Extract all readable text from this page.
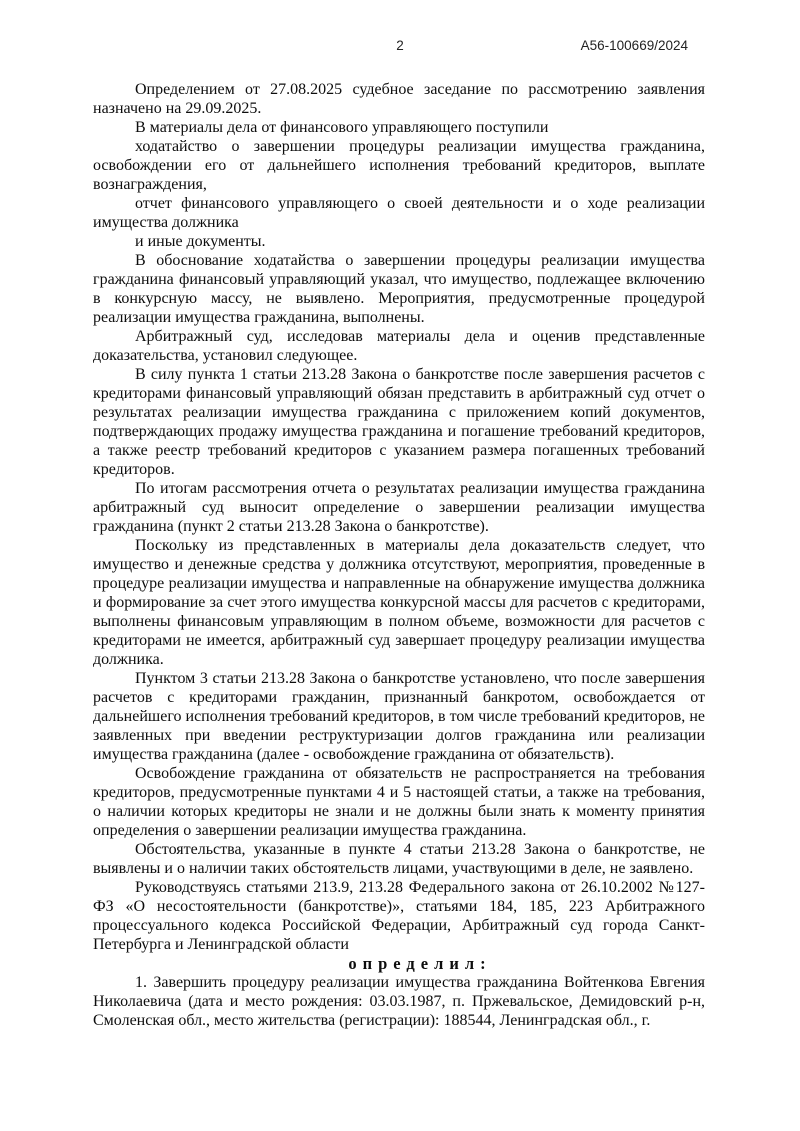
2	А56-100669/2024

Определением от 27.08.2025 судебное заседание по рассмотрению заявления назначено на 29.09.2025.

В материалы дела от финансового управляющего поступили

ходатайство о завершении процедуры реализации имущества гражданина, освобождении его от дальнейшего исполнения требований кредиторов, выплате вознаграждения,

отчет финансового управляющего о своей деятельности и о ходе реализации имущества должника

и иные документы.

В обоснование ходатайства о завершении процедуры реализации имущества гражданина финансовый управляющий указал, что имущество, подлежащее включению в конкурсную массу, не выявлено. Мероприятия, предусмотренные процедурой реализации имущества гражданина, выполнены.

Арбитражный суд, исследовав материалы дела и оценив представленные доказательства, установил следующее.

В силу пункта 1 статьи 213.28 Закона о банкротстве после завершения расчетов с кредиторами финансовый управляющий обязан представить в арбитражный суд отчет о результатах реализации имущества гражданина с приложением копий документов, подтверждающих продажу имущества гражданина и погашение требований кредиторов, а также реестр требований кредиторов с указанием размера погашенных требований кредиторов.

По итогам рассмотрения отчета о результатах реализации имущества гражданина арбитражный суд выносит определение о завершении реализации имущества гражданина (пункт 2 статьи 213.28 Закона о банкротстве).

Поскольку из представленных в материалы дела доказательств следует, что имущество и денежные средства у должника отсутствуют, мероприятия, проведенные в процедуре реализации имущества и направленные на обнаружение имущества должника и формирование за счет этого имущества конкурсной массы для расчетов с кредиторами, выполнены финансовым управляющим в полном объеме, возможности для расчетов с кредиторами не имеется, арбитражный суд завершает процедуру реализации имущества должника.

Пунктом 3 статьи 213.28 Закона о банкротстве установлено, что после завершения расчетов с кредиторами гражданин, признанный банкротом, освобождается от дальнейшего исполнения требований кредиторов, в том числе требований кредиторов, не заявленных при введении реструктуризации долгов гражданина или реализации имущества гражданина (далее - освобождение гражданина от обязательств).

Освобождение гражданина от обязательств не распространяется на требования кредиторов, предусмотренные пунктами 4 и 5 настоящей статьи, а также на требования, о наличии которых кредиторы не знали и не должны были знать к моменту принятия определения о завершении реализации имущества гражданина.

Обстоятельства, указанные в пункте 4 статьи 213.28 Закона о банкротстве, не выявлены и о наличии таких обстоятельств лицами, участвующими в деле, не заявлено.

Руководствуясь статьями 213.9, 213.28 Федерального закона от 26.10.2002 №127-ФЗ «О несостоятельности (банкротстве)», статьями 184, 185, 223 Арбитражного процессуального кодекса Российской Федерации, Арбитражный суд города Санкт-Петербурга и Ленинградской области

определил:

1. Завершить процедуру реализации имущества гражданина Войтенкова Евгения Николаевича (дата и место рождения: 03.03.1987, п. Пржевальское, Демидовский р-н, Смоленская обл., место жительства (регистрации): 188544, Ленинградская обл., г.
